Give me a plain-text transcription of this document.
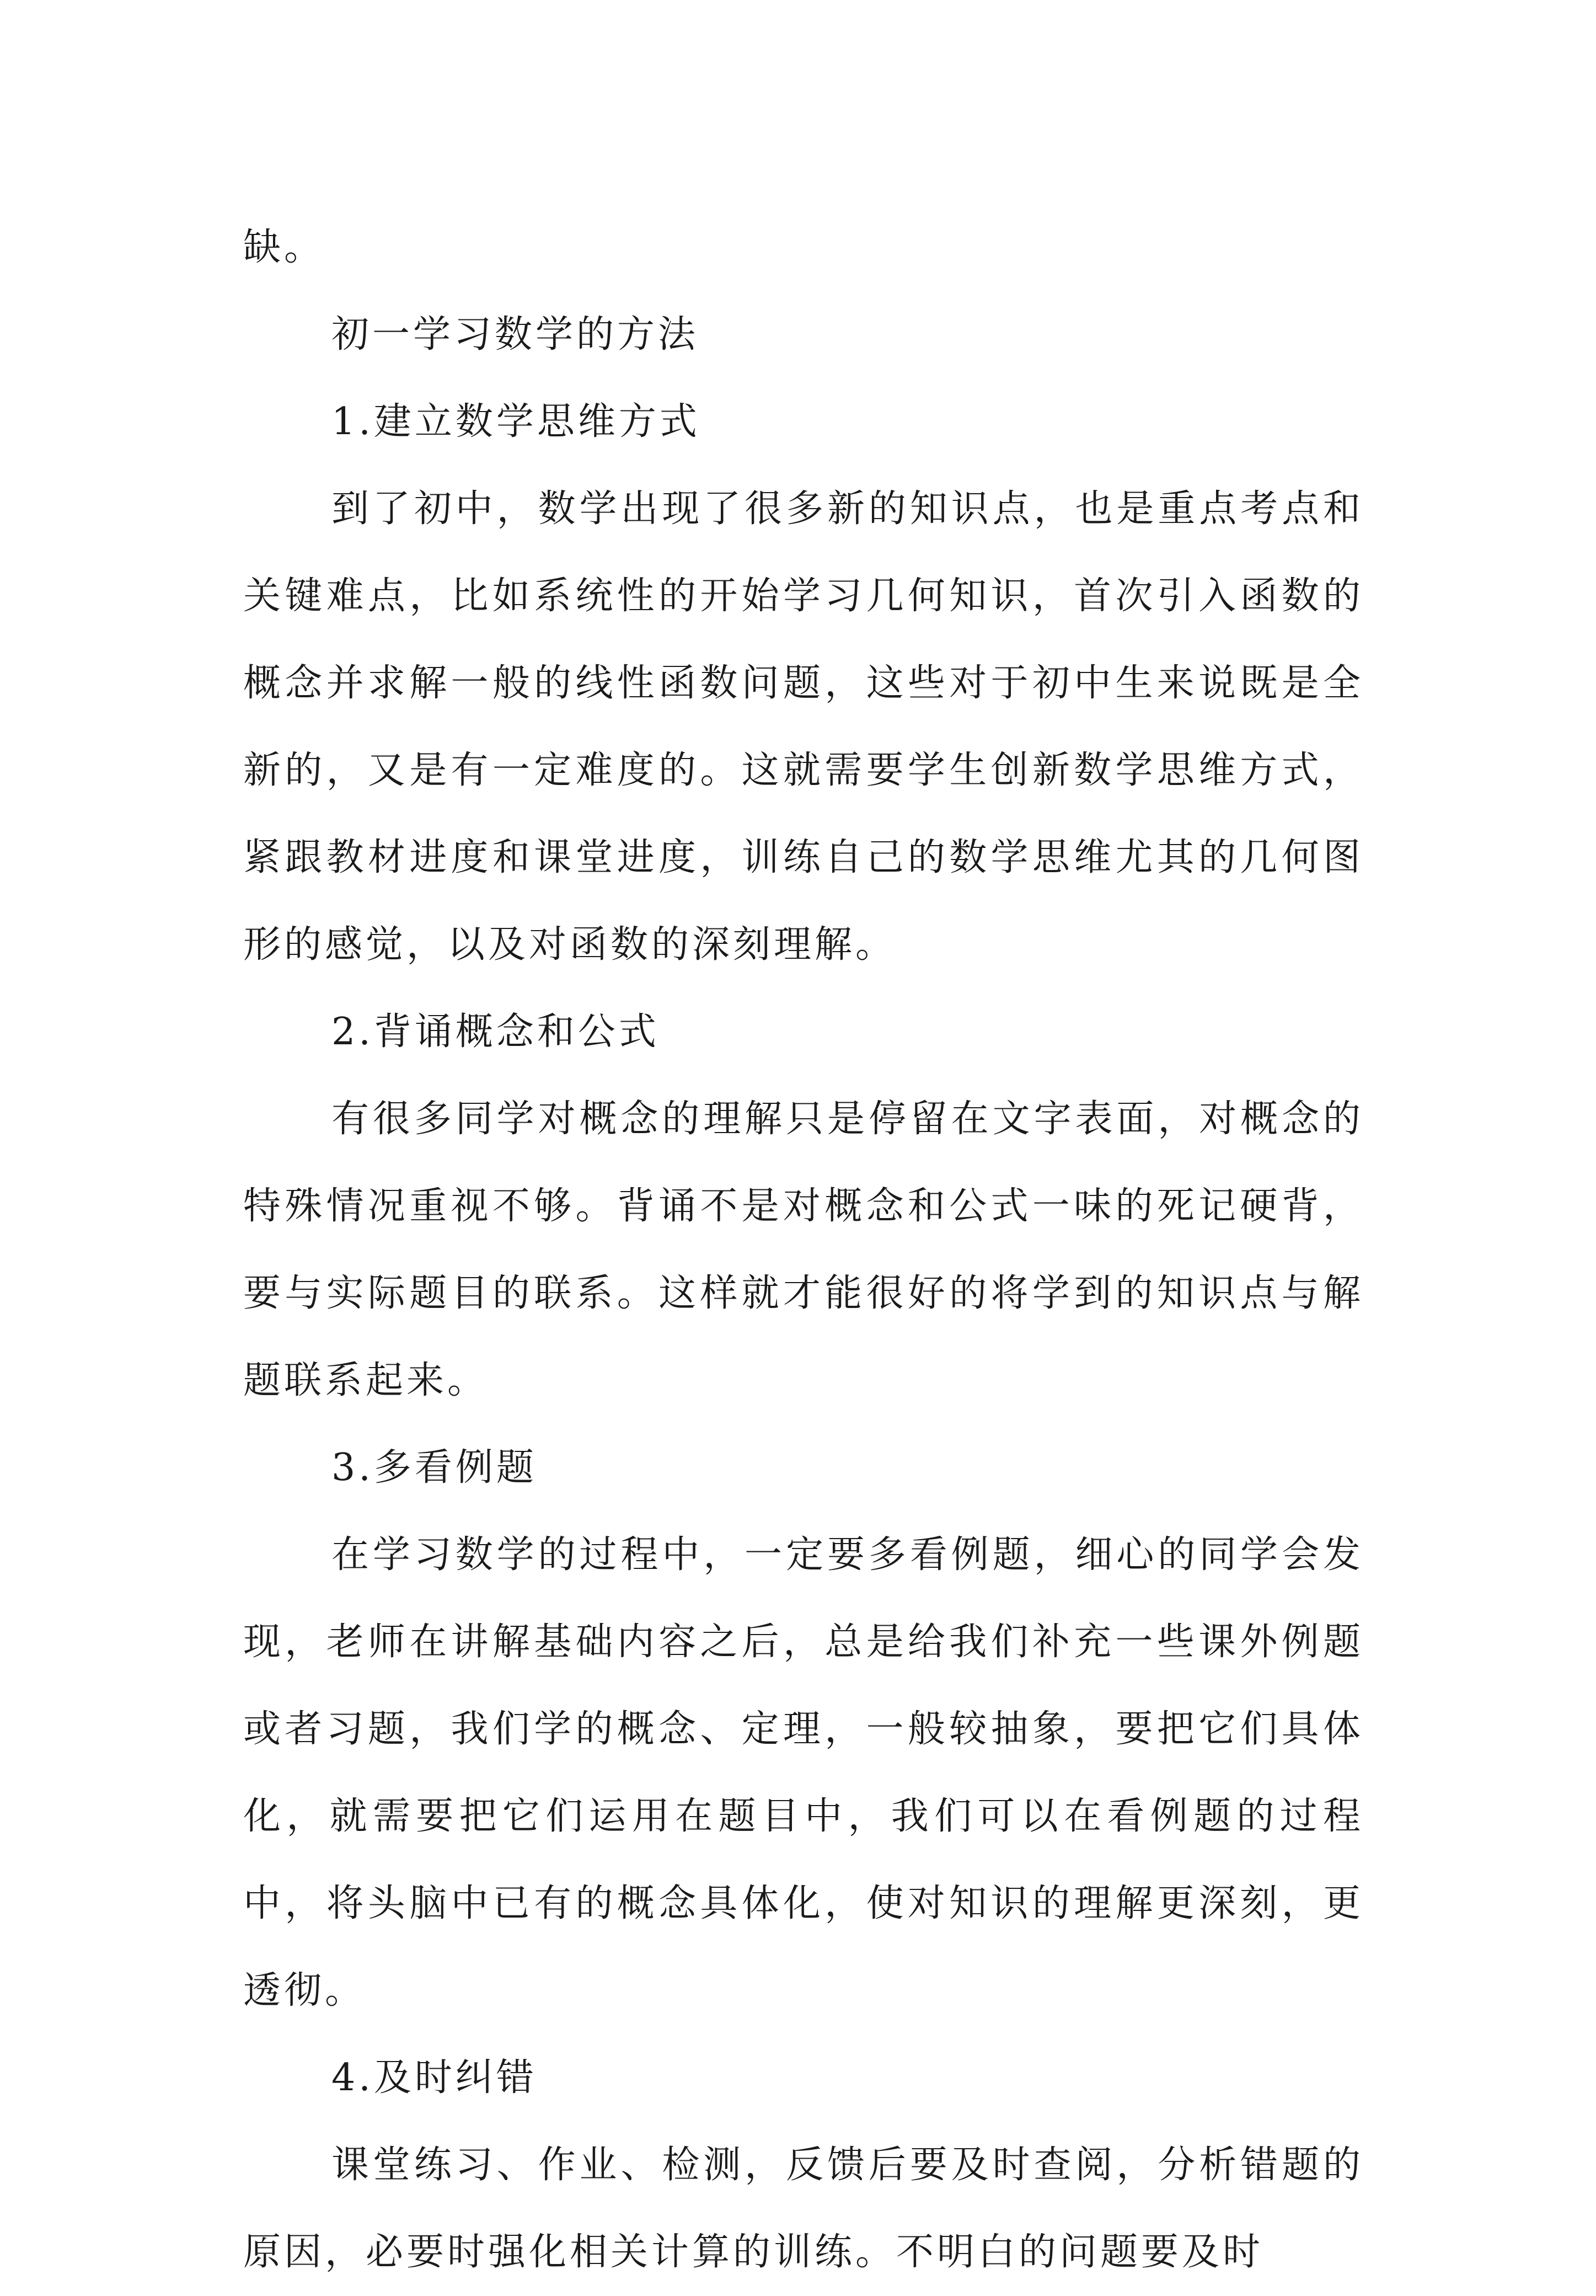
缺。

初一学习数学的方法

1.建立数学思维方式

到了初中，数学出现了很多新的知识点，也是重点考点和关键难点，比如系统性的开始学习几何知识，首次引入函数的概念并求解一般的线性函数问题，这些对于初中生来说既是全新的，又是有一定难度的。这就需要学生创新数学思维方式，紧跟教材进度和课堂进度，训练自己的数学思维尤其的几何图形的感觉，以及对函数的深刻理解。

2.背诵概念和公式

有很多同学对概念的理解只是停留在文字表面，对概念的特殊情况重视不够。背诵不是对概念和公式一味的死记硬背，要与实际题目的联系。这样就才能很好的将学到的知识点与解题联系起来。

3.多看例题

在学习数学的过程中，一定要多看例题，细心的同学会发现，老师在讲解基础内容之后，总是给我们补充一些课外例题或者习题，我们学的概念、定理，一般较抽象，要把它们具体化，就需要把它们运用在题目中，我们可以在看例题的过程中，将头脑中已有的概念具体化，使对知识的理解更深刻，更透彻。

4.及时纠错

课堂练习、作业、检测，反馈后要及时查阅，分析错题的原因，必要时强化相关计算的训练。不明白的问题要及时
